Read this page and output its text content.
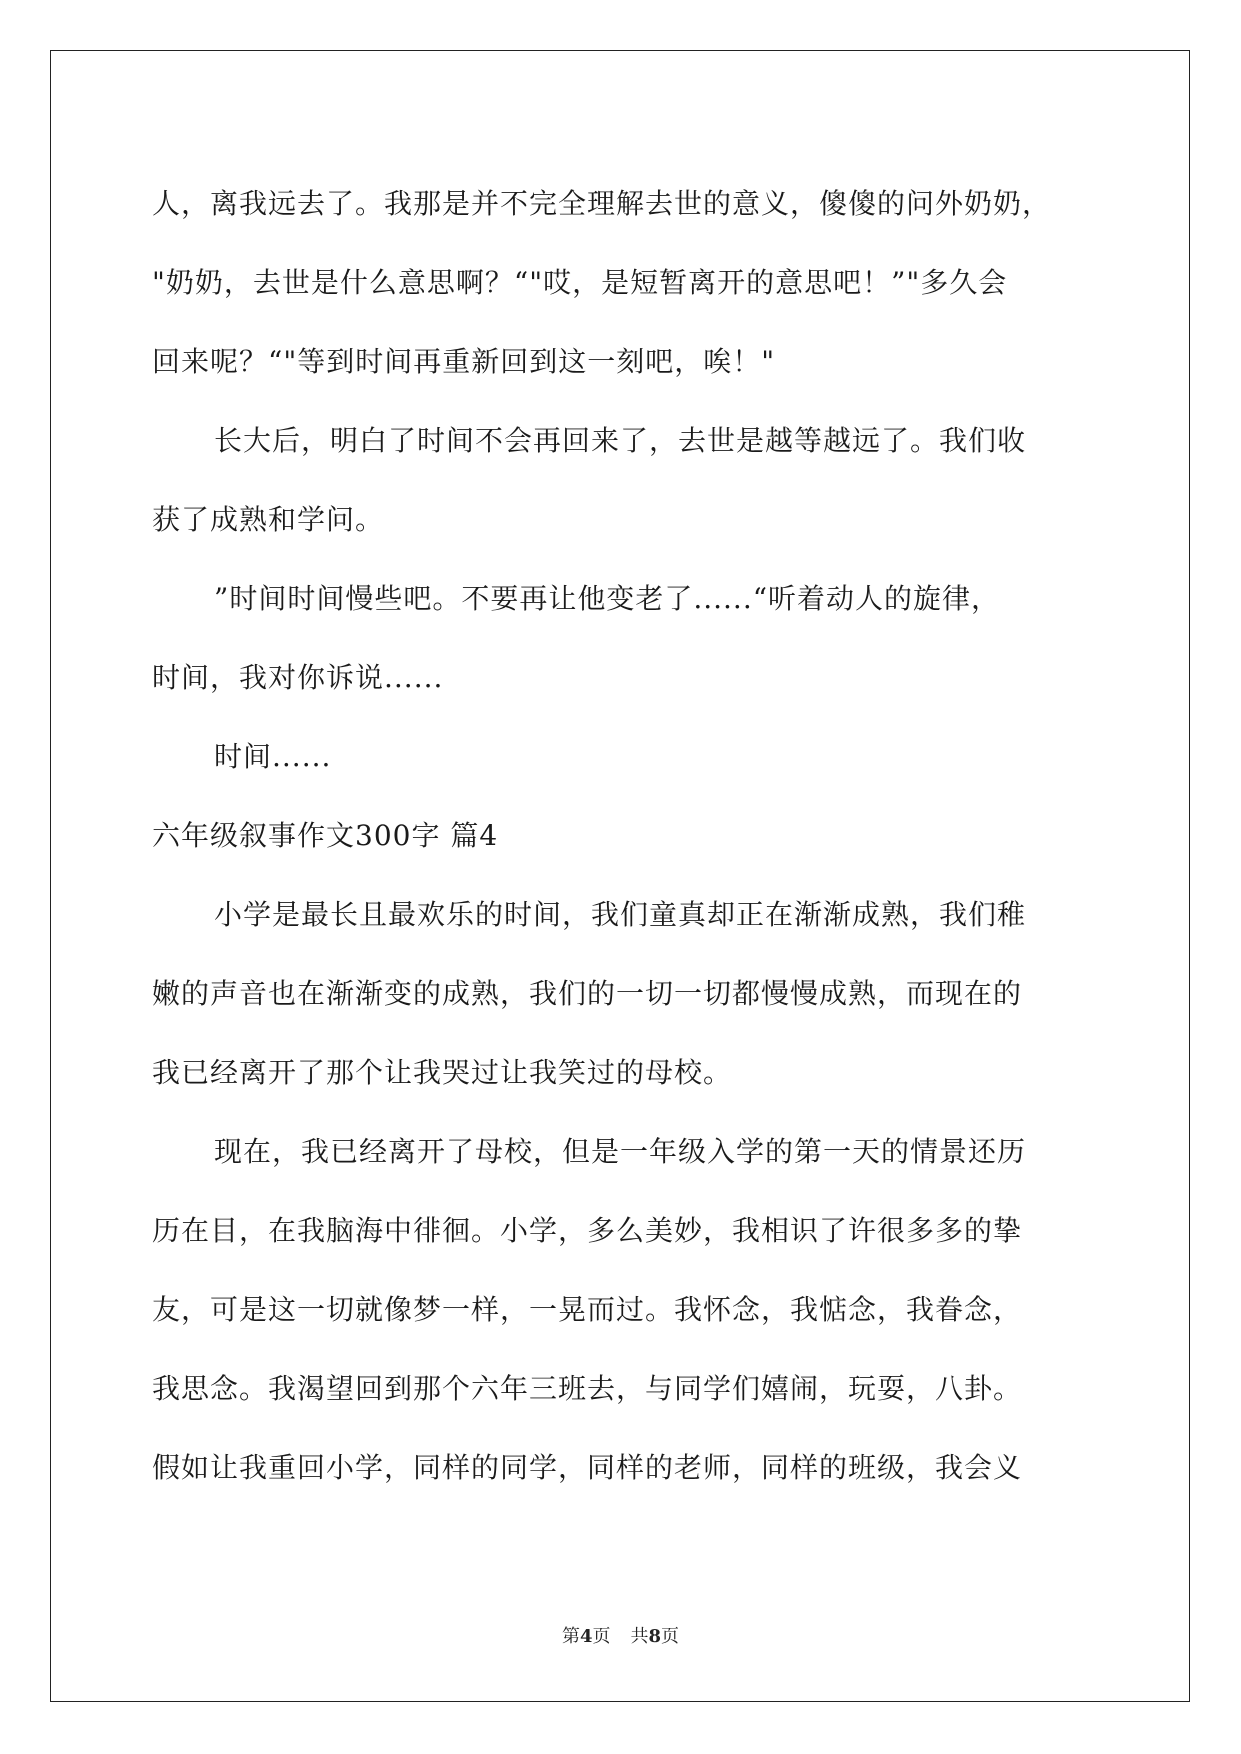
人，离我远去了。我那是并不完全理解去世的意义，傻傻的问外奶奶，
"奶奶，去世是什么意思啊？“"哎，是短暂离开的意思吧！”"多久会
回来呢？“"等到时间再重新回到这一刻吧，唉！"
长大后，明白了时间不会再回来了，去世是越等越远了。我们收
获了成熟和学问。
”时间时间慢些吧。不要再让他变老了......“听着动人的旋律，
时间，我对你诉说......
时间......
六年级叙事作文300字 篇4
小学是最长且最欢乐的时间，我们童真却正在渐渐成熟，我们稚
嫩的声音也在渐渐变的成熟，我们的一切一切都慢慢成熟，而现在的
我已经离开了那个让我哭过让我笑过的母校。
现在，我已经离开了母校，但是一年级入学的第一天的情景还历
历在目，在我脑海中徘徊。小学，多么美妙，我相识了许很多多的挚
友，可是这一切就像梦一样，一晃而过。我怀念，我惦念，我眷念，
我思念。我渴望回到那个六年三班去，与同学们嬉闹，玩耍，八卦。
假如让我重回小学，同样的同学，同样的老师，同样的班级，我会义
第4页 共8页
